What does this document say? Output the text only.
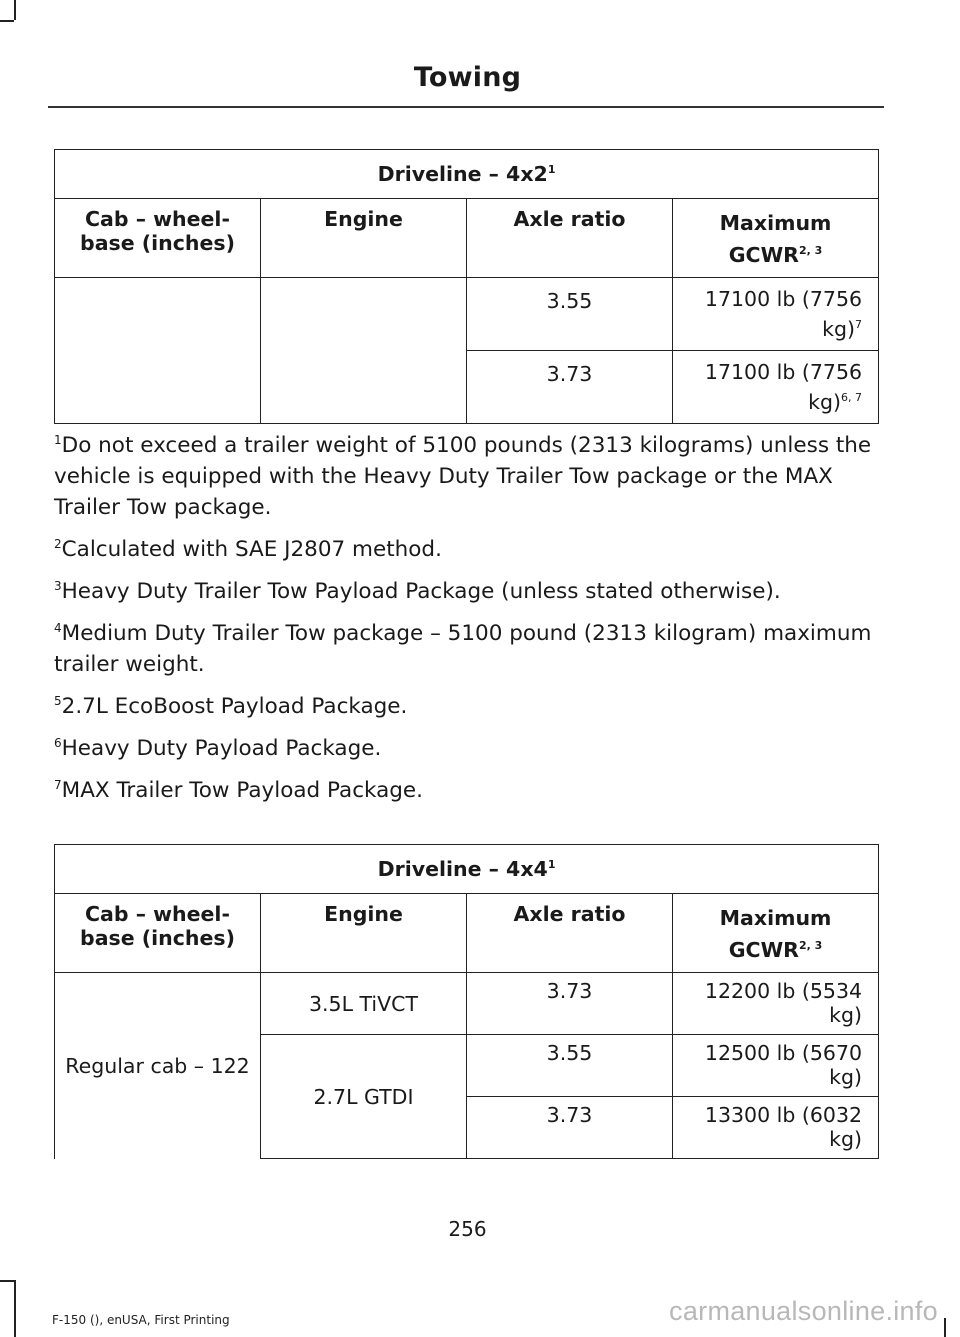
Towing
Driveline – $4x2^1$
Cab – wheel-base (inches)	Engine	Axle ratio	Maximum GCWR$^{2, 3}$
		3.55	17100 lb (7756 kg)$^7$
		3.73	17100 lb (7756 kg)$^{6, 7}$

$^1$Do not exceed a trailer weight of 5100 pounds (2313 kilograms) unless the vehicle is equipped with the Heavy Duty Trailer Tow package or the MAX Trailer Tow package.

$^2$Calculated with SAE J2807 method.

$^3$Heavy Duty Trailer Tow Payload Package (unless stated otherwise).

$^4$Medium Duty Trailer Tow package – 5100 pound (2313 kilogram) maximum trailer weight.

$^5$2.7L EcoBoost Payload Package.

$^6$Heavy Duty Payload Package.

$^7$MAX Trailer Tow Payload Package.

Driveline – $4x4^1$
Cab – wheel-base (inches)	Engine	Axle ratio	Maximum GCWR$^{2, 3}$
Regular cab – 122	3.5L TiVCT	3.73	12200 lb (5534 kg)
	2.7L GTDI	3.55	12500 lb (5670 kg)
		3.73	13300 lb (6032 kg)
256
F-150 (), enUSA, First Printing	carmanualsonline.info
